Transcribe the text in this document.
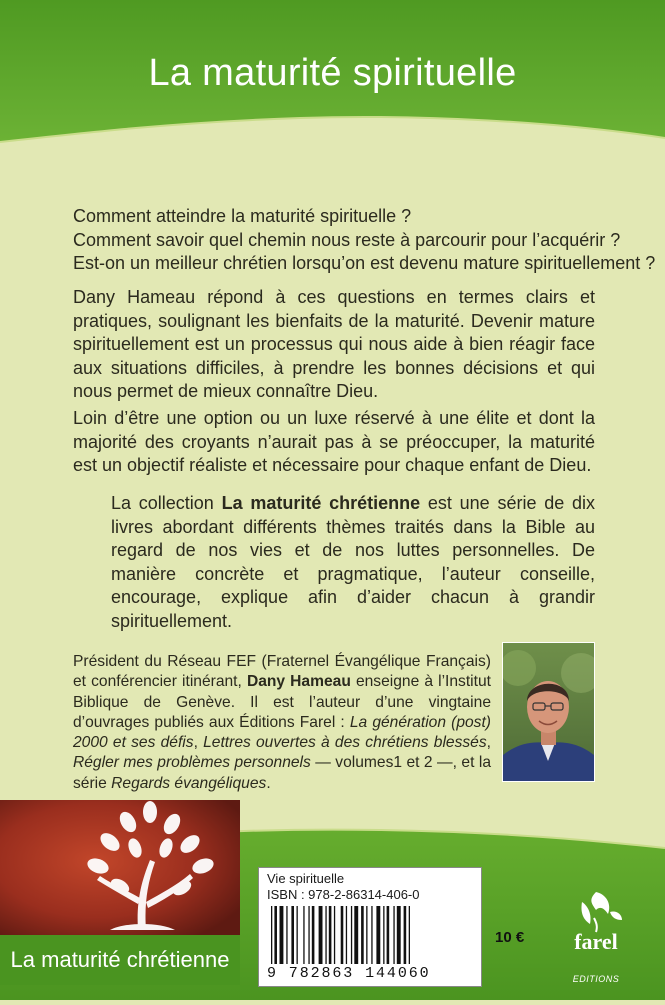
La maturité spirituelle
Comment atteindre la maturité spirituelle ?
Comment savoir quel chemin nous reste à parcourir pour l’acquérir ?
Est-on un meilleur chrétien lorsqu’on est devenu mature spirituellement ?
Dany Hameau répond à ces questions en termes clairs et pratiques, soulignant les bienfaits de la maturité. Devenir mature spirituellement est un processus qui nous aide à bien réagir face aux situations difficiles, à prendre les bonnes décisions et qui nous permet de mieux connaître Dieu.
Loin d’être une option ou un luxe réservé à une élite et dont la majorité des croyants n’aurait pas à se préoccuper, la maturité est un objectif réaliste et nécessaire pour chaque enfant de Dieu.
La collection La maturité chrétienne est une série de dix livres abordant différents thèmes traités dans la Bible au regard de nos vies et de nos luttes personnelles. De manière concrète et pragmatique, l’auteur conseille, encourage, explique afin d’aider chacun à grandir spirituellement.
Président du Réseau FEF (Fraternel Évangélique Français) et conférencier itinérant, Dany Hameau enseigne à l’Institut Biblique de Genève. Il est l’auteur d’une vingtaine d’ouvrages publiés aux Éditions Farel : La génération (post) 2000 et ses défis, Lettres ouvertes à des chrétiens blessés, Régler mes problèmes personnels — volumes1 et 2 —, et la série Regards évangéliques.
La maturité chrétienne
Vie spirituelle
ISBN : 978-2-86314-406-0
9 782863 144060
10 €	farel
EDITIONS
